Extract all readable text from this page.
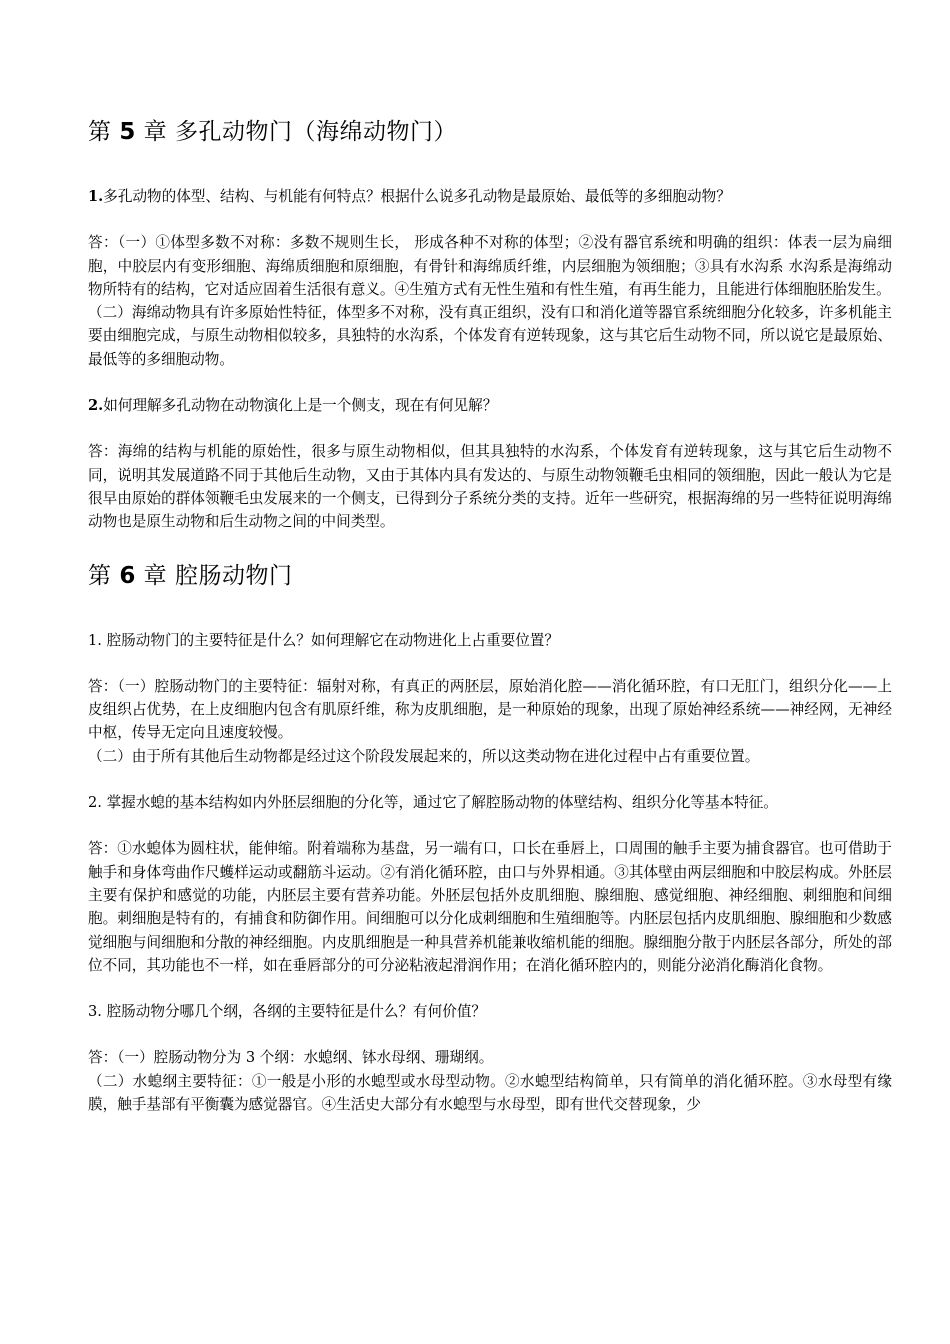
第 5 章 多孔动物门（海绵动物门）

1.多孔动物的体型、结构、与机能有何特点？根据什么说多孔动物是最原始、最低等的多细胞动物？

答：（一）①体型多数不对称：多数不规则生长， 形成各种不对称的体型；②没有器官系统和明确的组织：体表一层为扁细胞，中胶层内有变形细胞、海绵质细胞和原细胞，有骨针和海绵质纤维，内层细胞为领细胞；③具有水沟系 水沟系是海绵动物所特有的结构，它对适应固着生活很有意义。④生殖方式有无性生殖和有性生殖，有再生能力，且能进行体细胞胚胎发生。

（二）海绵动物具有许多原始性特征，体型多不对称，没有真正组织，没有口和消化道等器官系统细胞分化较多，许多机能主要由细胞完成，与原生动物相似较多，具独特的水沟系，个体发育有逆转现象，这与其它后生动物不同，所以说它是最原始、最低等的多细胞动物。

2.如何理解多孔动物在动物演化上是一个侧支，现在有何见解？

答：海绵的结构与机能的原始性，很多与原生动物相似，但其具独特的水沟系，个体发育有逆转现象，这与其它后生动物不同，说明其发展道路不同于其他后生动物，又由于其体内具有发达的、与原生动物领鞭毛虫相同的领细胞，因此一般认为它是很早由原始的群体领鞭毛虫发展来的一个侧支，已得到分子系统分类的支持。近年一些研究，根据海绵的另一些特征说明海绵动物也是原生动物和后生动物之间的中间类型。

第 6 章 腔肠动物门

1. 腔肠动物门的主要特征是什么？如何理解它在动物进化上占重要位置？

答：（一）腔肠动物门的主要特征：辐射对称，有真正的两胚层，原始消化腔——消化循环腔，有口无肛门，组织分化——上皮组织占优势，在上皮细胞内包含有肌原纤维，称为皮肌细胞，是一种原始的现象，出现了原始神经系统——神经网，无神经中枢，传导无定向且速度较慢。

（二）由于所有其他后生动物都是经过这个阶段发展起来的，所以这类动物在进化过程中占有重要位置。

2. 掌握水螅的基本结构如内外胚层细胞的分化等，通过它了解腔肠动物的体壁结构、组织分化等基本特征。

答：①水螅体为圆柱状，能伸缩。附着端称为基盘，另一端有口，口长在垂唇上，口周围的触手主要为捕食器官。也可借助于触手和身体弯曲作尺蠖样运动或翻筋斗运动。②有消化循环腔，由口与外界相通。③其体壁由两层细胞和中胶层构成。外胚层主要有保护和感觉的功能，内胚层主要有营养功能。外胚层包括外皮肌细胞、腺细胞、感觉细胞、神经细胞、刺细胞和间细胞。刺细胞是特有的，有捕食和防御作用。间细胞可以分化成刺细胞和生殖细胞等。内胚层包括内皮肌细胞、腺细胞和少数感觉细胞与间细胞和分散的神经细胞。内皮肌细胞是一种具营养机能兼收缩机能的细胞。腺细胞分散于内胚层各部分，所处的部位不同，其功能也不一样，如在垂唇部分的可分泌粘液起滑润作用；在消化循环腔内的，则能分泌消化酶消化食物。

3. 腔肠动物分哪几个纲，各纲的主要特征是什么？有何价值？

答：（一）腔肠动物分为 3 个纲：水螅纲、钵水母纲、珊瑚纲。

（二）水螅纲主要特征：①一般是小形的水螅型或水母型动物。②水螅型结构简单，只有简单的消化循环腔。③水母型有缘膜，触手基部有平衡囊为感觉器官。④生活史大部分有水螅型与水母型，即有世代交替现象，少
